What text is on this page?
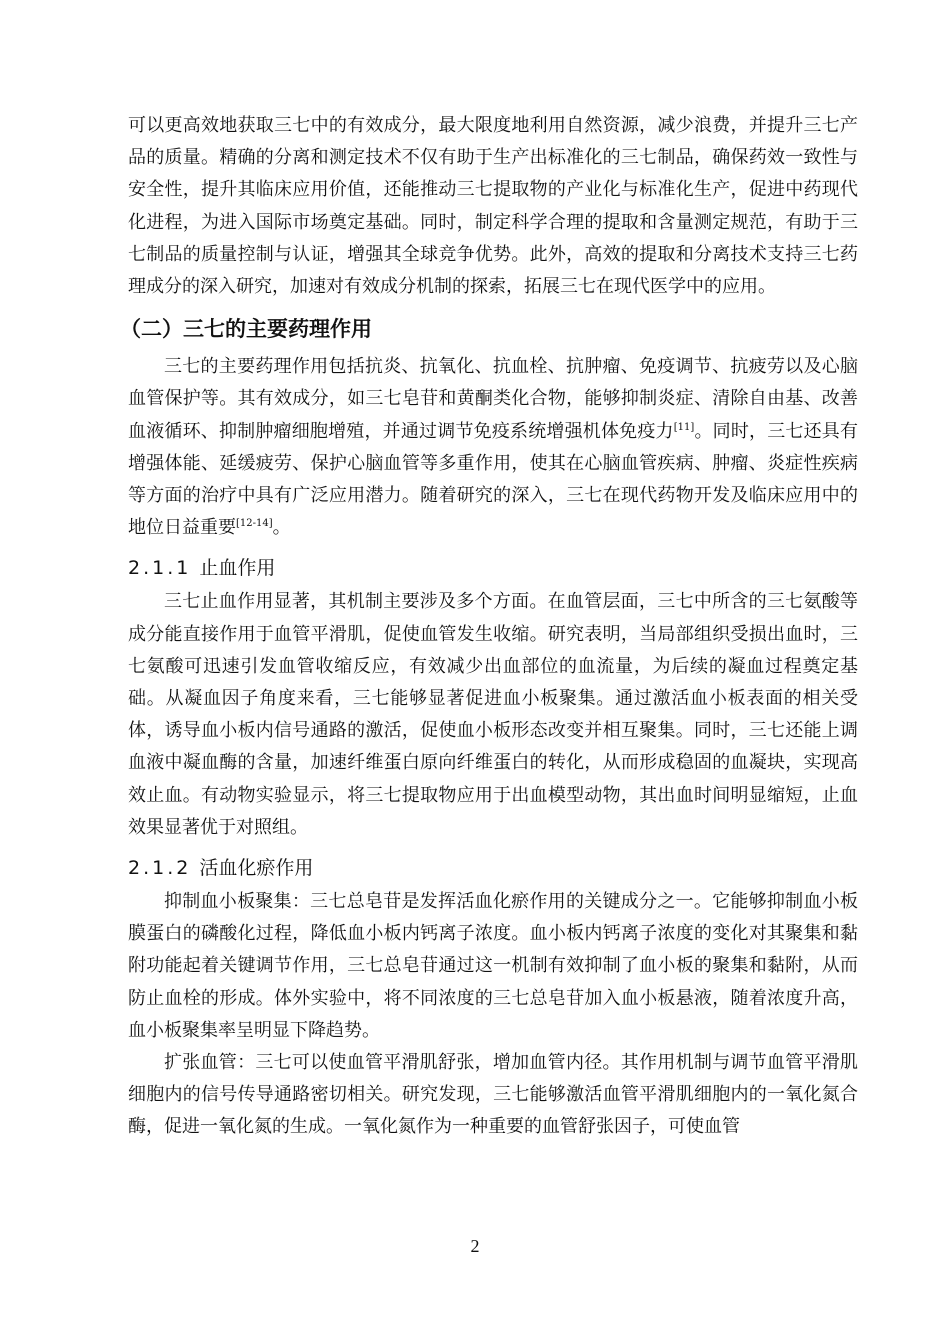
可以更高效地获取三七中的有效成分，最大限度地利用自然资源，减少浪费，并提升三七产品的质量。精确的分离和测定技术不仅有助于生产出标准化的三七制品，确保药效一致性与安全性，提升其临床应用价值，还能推动三七提取物的产业化与标准化生产，促进中药现代化进程，为进入国际市场奠定基础。同时，制定科学合理的提取和含量测定规范，有助于三七制品的质量控制与认证，增强其全球竞争优势。此外，高效的提取和分离技术支持三七药理成分的深入研究，加速对有效成分机制的探索，拓展三七在现代医学中的应用。

（二）三七的主要药理作用

三七的主要药理作用包括抗炎、抗氧化、抗血栓、抗肿瘤、免疫调节、抗疲劳以及心脑血管保护等。其有效成分，如三七皂苷和黄酮类化合物，能够抑制炎症、清除自由基、改善血液循环、抑制肿瘤细胞增殖，并通过调节免疫系统增强机体免疫力[11]。同时，三七还具有增强体能、延缓疲劳、保护心脑血管等多重作用，使其在心脑血管疾病、肿瘤、炎症性疾病等方面的治疗中具有广泛应用潜力。随着研究的深入，三七在现代药物开发及临床应用中的地位日益重要[12-14]。

2.1.1 止血作用

三七止血作用显著，其机制主要涉及多个方面。在血管层面，三七中所含的三七氨酸等成分能直接作用于血管平滑肌，促使血管发生收缩。研究表明，当局部组织受损出血时，三七氨酸可迅速引发血管收缩反应，有效减少出血部位的血流量，为后续的凝血过程奠定基础。从凝血因子角度来看，三七能够显著促进血小板聚集。通过激活血小板表面的相关受体，诱导血小板内信号通路的激活，促使血小板形态改变并相互聚集。同时，三七还能上调血液中凝血酶的含量，加速纤维蛋白原向纤维蛋白的转化，从而形成稳固的血凝块，实现高效止血。有动物实验显示，将三七提取物应用于出血模型动物，其出血时间明显缩短，止血效果显著优于对照组。

2.1.2 活血化瘀作用

抑制血小板聚集：三七总皂苷是发挥活血化瘀作用的关键成分之一。它能够抑制血小板膜蛋白的磷酸化过程，降低血小板内钙离子浓度。血小板内钙离子浓度的变化对其聚集和黏附功能起着关键调节作用，三七总皂苷通过这一机制有效抑制了血小板的聚集和黏附，从而防止血栓的形成。体外实验中，将不同浓度的三七总皂苷加入血小板悬液，随着浓度升高，血小板聚集率呈明显下降趋势。

扩张血管：三七可以使血管平滑肌舒张，增加血管内径。其作用机制与调节血管平滑肌细胞内的信号传导通路密切相关。研究发现，三七能够激活血管平滑肌细胞内的一氧化氮合酶，促进一氧化氮的生成。一氧化氮作为一种重要的血管舒张因子，可使血管

2
